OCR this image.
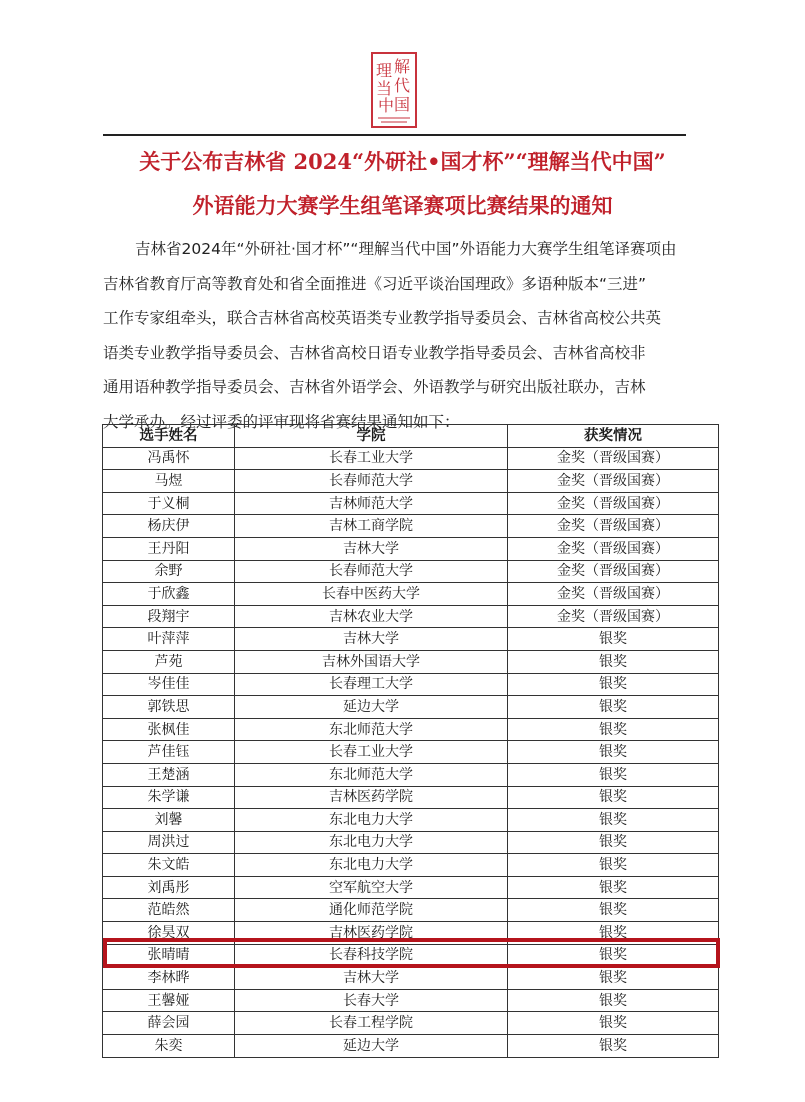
理 解
当 代
中 国
关于公布吉林省 2024“外研社•国才杯”“理解当代中国”
外语能力大赛学生组笔译赛项比赛结果的通知
吉林省2024年“外研社·国才杯”“理解当代中国”外语能力大赛学生组笔译赛项由
吉林省教育厅高等教育处和省全面推进《习近平谈治国理政》多语种版本“三进”
工作专家组牵头，联合吉林省高校英语类专业教学指导委员会、吉林省高校公共英
语类专业教学指导委员会、吉林省高校日语专业教学指导委员会、吉林省高校非
通用语种教学指导委员会、吉林省外语学会、外语教学与研究出版社联办，吉林
大学承办。经过评委的评审现将省赛结果通知如下：
选手姓名	学院	获奖情况
冯禹怀	长春工业大学	金奖（晋级国赛）
马煜	长春师范大学	金奖（晋级国赛）
于义桐	吉林师范大学	金奖（晋级国赛）
杨庆伊	吉林工商学院	金奖（晋级国赛）
王丹阳	吉林大学	金奖（晋级国赛）
余野	长春师范大学	金奖（晋级国赛）
于欣鑫	长春中医药大学	金奖（晋级国赛）
段翔宇	吉林农业大学	金奖（晋级国赛）
叶萍萍	吉林大学	银奖
芦苑	吉林外国语大学	银奖
岑佳佳	长春理工大学	银奖
郭铁思	延边大学	银奖
张枫佳	东北师范大学	银奖
芦佳钰	长春工业大学	银奖
王楚涵	东北师范大学	银奖
朱学谦	吉林医药学院	银奖
刘馨	东北电力大学	银奖
周洪过	东北电力大学	银奖
朱文皓	东北电力大学	银奖
刘禹彤	空军航空大学	银奖
范皓然	通化师范学院	银奖
徐昊双	吉林医药学院	银奖
张晴晴	长春科技学院	银奖
李林晔	吉林大学	银奖
王馨娅	长春大学	银奖
薛会园	长春工程学院	银奖
朱奕	延边大学	银奖
